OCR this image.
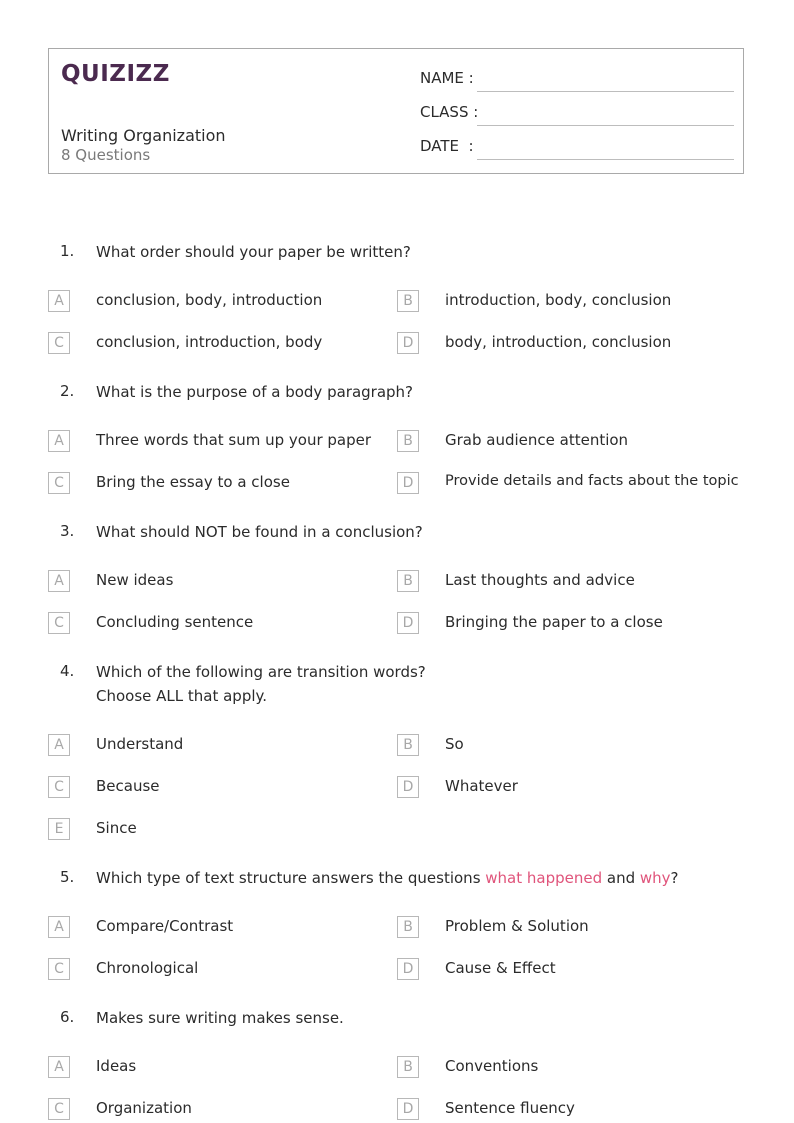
QUIZIZZ
Writing Organization
8 Questions
NAME :
CLASS :
DATE  :
1. What order should your paper be written?
A	conclusion, body, introduction	B	introduction, body, conclusion
C	conclusion, introduction, body	D	body, introduction, conclusion
2. What is the purpose of a body paragraph?
A	Three words that sum up your paper	B	Grab audience attention
C	Bring the essay to a close	D	Provide details and facts about the topic
3. What should NOT be found in a conclusion?
A	New ideas	B	Last thoughts and advice
C	Concluding sentence	D	Bringing the paper to a close
4. Which of the following are transition words?
Choose ALL that apply.
A	Understand	B	So
C	Because	D	Whatever
E	Since
5. Which type of text structure answers the questions what happened and why?
A	Compare/Contrast	B	Problem & Solution
C	Chronological	D	Cause & Effect
6. Makes sure writing makes sense.
A	Ideas	B	Conventions
C	Organization	D	Sentence fluency
